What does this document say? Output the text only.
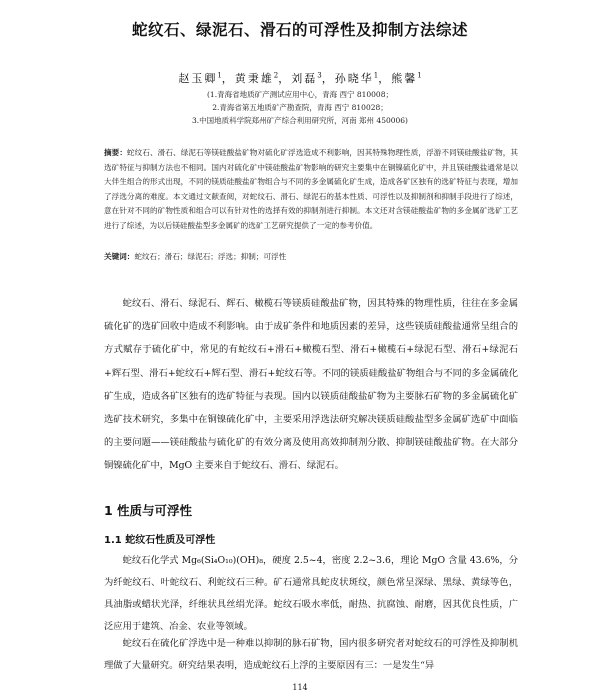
蛇纹石、绿泥石、滑石的可浮性及抑制方法综述
赵玉卿$^1$，黄秉雄$^2$，刘磊$^3$，孙晓华$^1$，熊馨$^1$
(1.青海省地质矿产测试应用中心，青海 西宁 810008；
2.青海省第五地质矿产勘查院，青海 西宁 810028；
3.中国地质科学院郑州矿产综合利用研究所，河南 郑州 450006)
摘要：蛇纹石、滑石、绿泥石等镁硅酸盐矿物对硫化矿浮选造成不利影响，因其特殊物理性质，浮游不同镁硅酸盐矿物，其选矿特征与抑制方法也不相同。国内对硫化矿中镁硅酸盐矿物影响的研究主要集中在铜镍硫化矿中，并且镁硅酸盐通常是以大伴生组合的形式出现，不同的镁质硅酸盐矿物组合与不同的多金属硫化矿生成，造成各矿区独有的选矿特征与表现，增加了浮选分离的难度。本文通过文献查阅，对蛇纹石、滑石、绿泥石的基本性质、可浮性以及抑制剂和抑制手段进行了综述，意在针对不同的矿物性质和组合可以有针对性的选择有效的抑制剂进行抑制。本文还对含镁硅酸盐矿物的多金属矿选矿工艺进行了综述，为以后镁硅酸盐型多金属矿的选矿工艺研究提供了一定的参考价值。
关键词：蛇纹石；滑石；绿泥石；浮选；抑制；可浮性
蛇纹石、滑石、绿泥石、辉石、橄榄石等镁质硅酸盐矿物，因其特殊的物理性质，往往在多金属硫化矿的选矿回收中造成不利影响。由于成矿条件和地质因素的差异，这些镁质硅酸盐通常呈组合的方式赋存于硫化矿中，常见的有蛇纹石+滑石+橄榄石型、滑石+橄榄石+绿泥石型、滑石+绿泥石+辉石型、滑石+蛇纹石+辉石型、滑石+蛇纹石等。不同的镁质硅酸盐矿物组合与不同的多金属硫化矿生成，造成各矿区独有的选矿特征与表现。国内以镁质硅酸盐矿物为主要脉石矿物的多金属硫化矿选矿技术研究，多集中在铜镍硫化矿中，主要采用浮选法研究解决镁质硅酸盐型多金属矿选矿中面临的主要问题——镁硅酸盐与硫化矿的有效分离及使用高效抑制剂分散、抑制镁硅酸盐矿物。在大部分铜镍硫化矿中，MgO 主要来自于蛇纹石、滑石、绿泥石。
1 性质与可浮性
1.1 蛇纹石性质及可浮性
蛇纹石化学式 Mg₆(Si₄O₁₀)(OH)₈，硬度 2.5~4，密度 2.2~3.6，理论 MgO 含量 43.6%，分为纤蛇纹石、叶蛇纹石、利蛇纹石三种。矿石通常具蛇皮状斑纹，颜色常呈深绿、黑绿、黄绿等色，具油脂或蜡状光泽，纤维状具丝绢光泽。蛇纹石吸水率低，耐热、抗腐蚀、耐磨，因其优良性质，广泛应用于建筑、冶金、农业等领域。
蛇纹石在硫化矿浮选中是一种难以抑制的脉石矿物，国内很多研究者对蛇纹石的可浮性及抑制机理做了大量研究。研究结果表明，造成蛇纹石上浮的主要原因有三：一是发生“异
114
